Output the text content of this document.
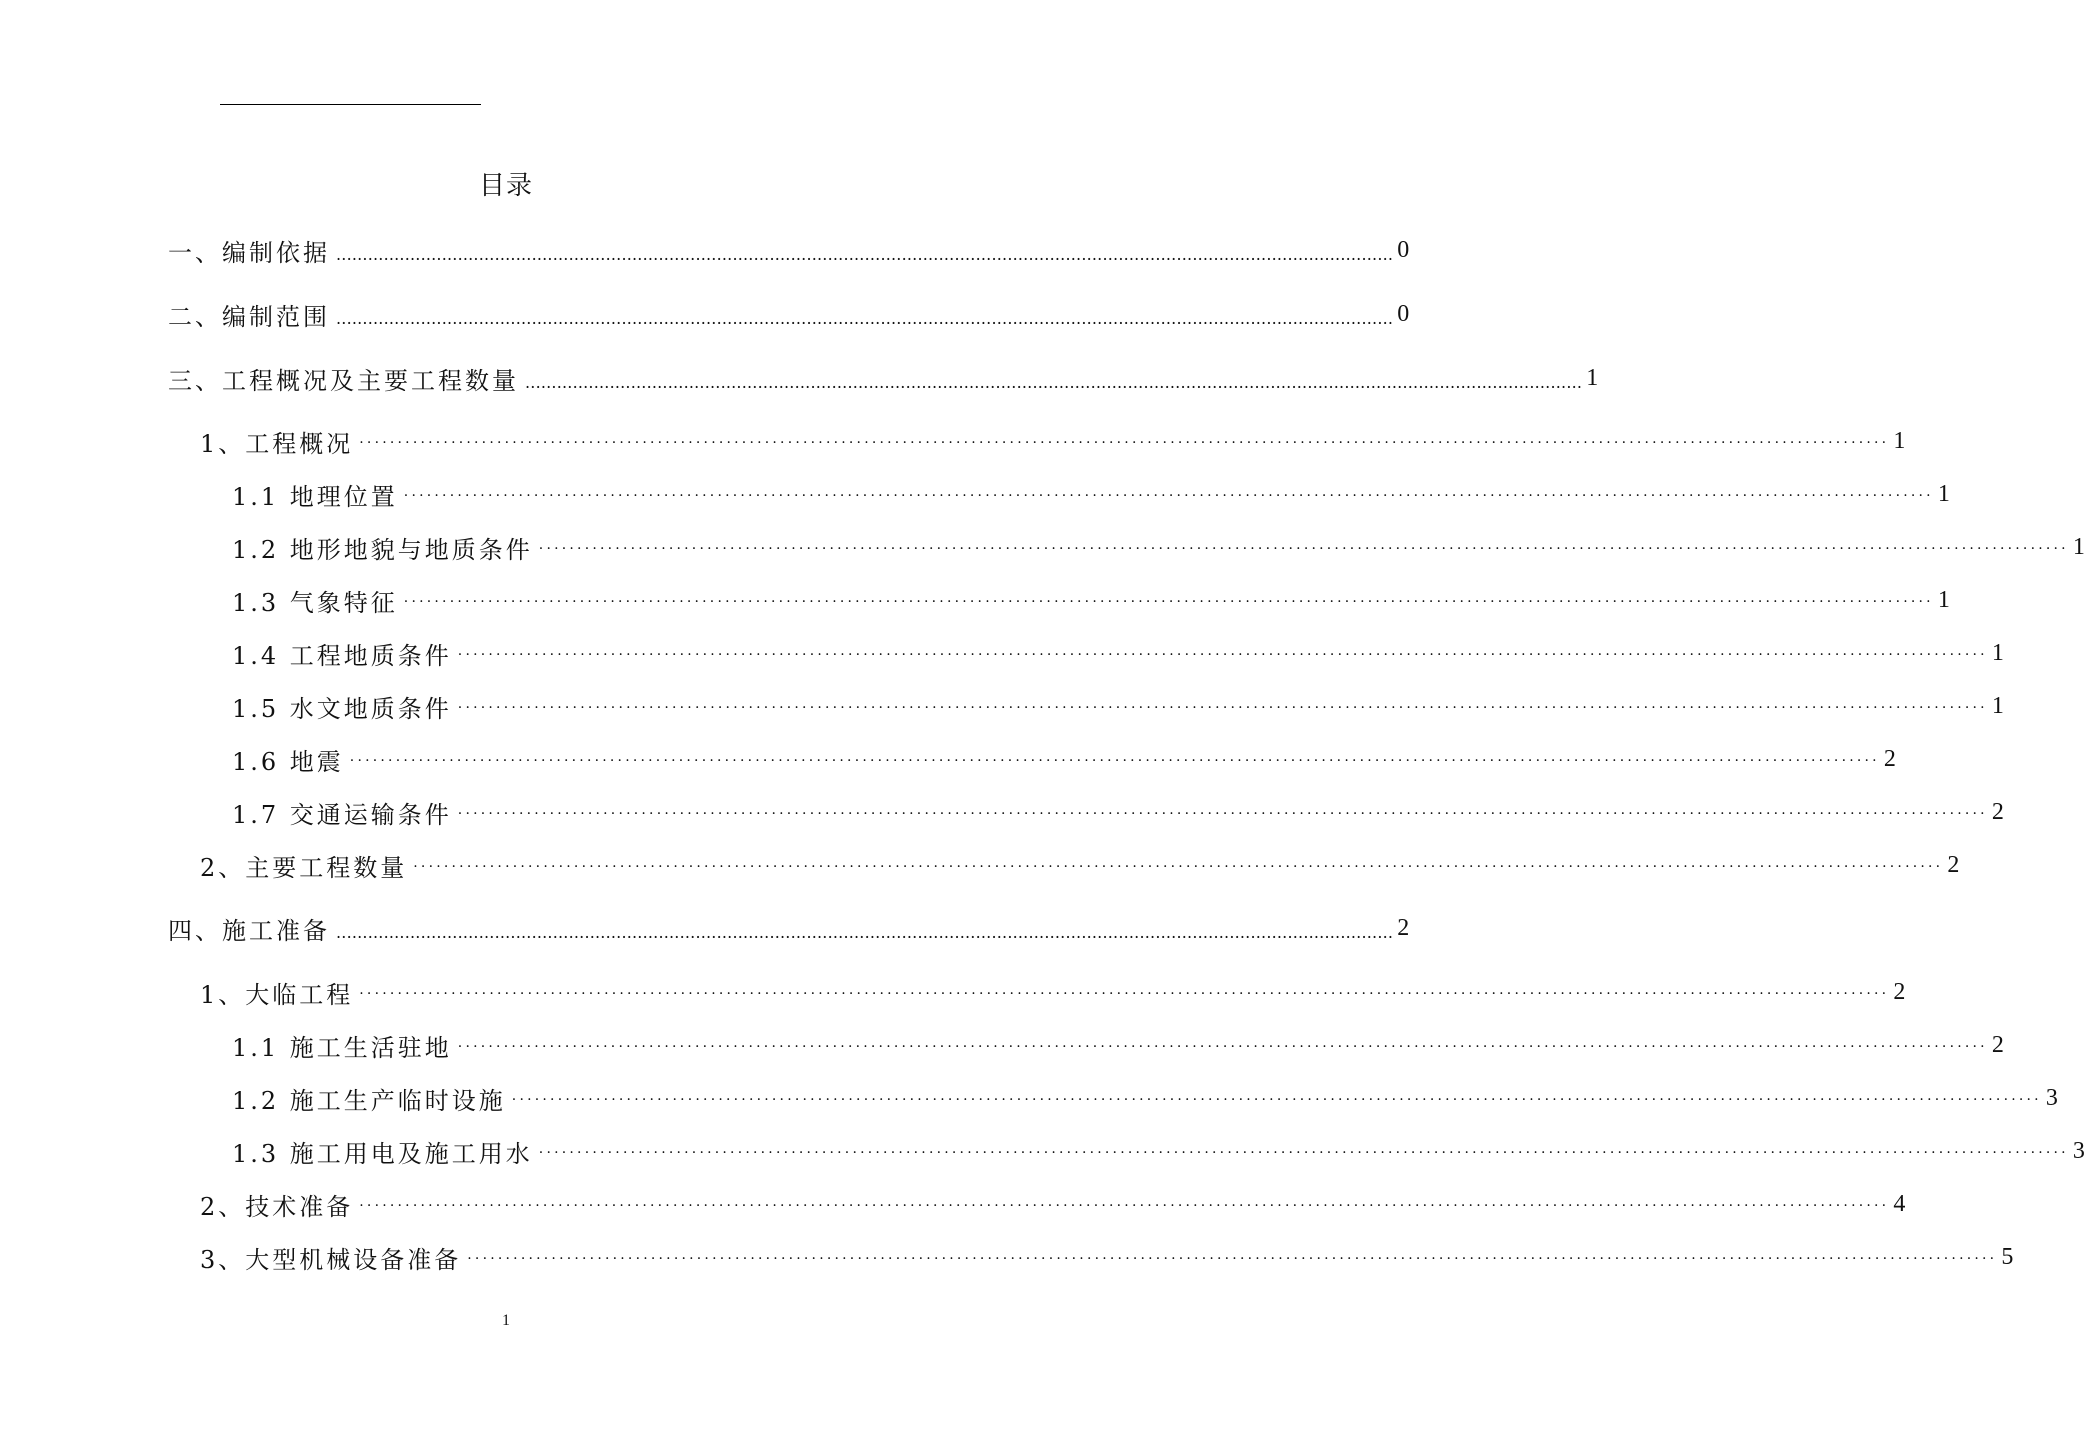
目录
一、编制依据 ........................................................................................................................................................................................................ 0
二、编制范围 ........................................................................................................................................................................................................ 0
三、工程概况及主要工程数量 ........................................................................................................................................................................................................ 1
1、工程概况 ········································································································································································································ 1
1.1 地理位置 ········································································································································································································ 1
1.2 地形地貌与地质条件 ········································································································································································································ 1
1.3 气象特征 ········································································································································································································ 1
1.4 工程地质条件 ········································································································································································································ 1
1.5 水文地质条件 ········································································································································································································ 1
1.6 地震 ········································································································································································································ 2
1.7 交通运输条件 ········································································································································································································ 2
2、主要工程数量 ········································································································································································································ 2
四、施工准备 ........................................................................................................................................................................................................ 2
1、大临工程 ········································································································································································································ 2
1.1 施工生活驻地 ········································································································································································································ 2
1.2 施工生产临时设施 ········································································································································································································ 3
1.3 施工用电及施工用水 ········································································································································································································ 3
2、技术准备 ········································································································································································································ 4
3、大型机械设备准备 ········································································································································································································ 5
1
